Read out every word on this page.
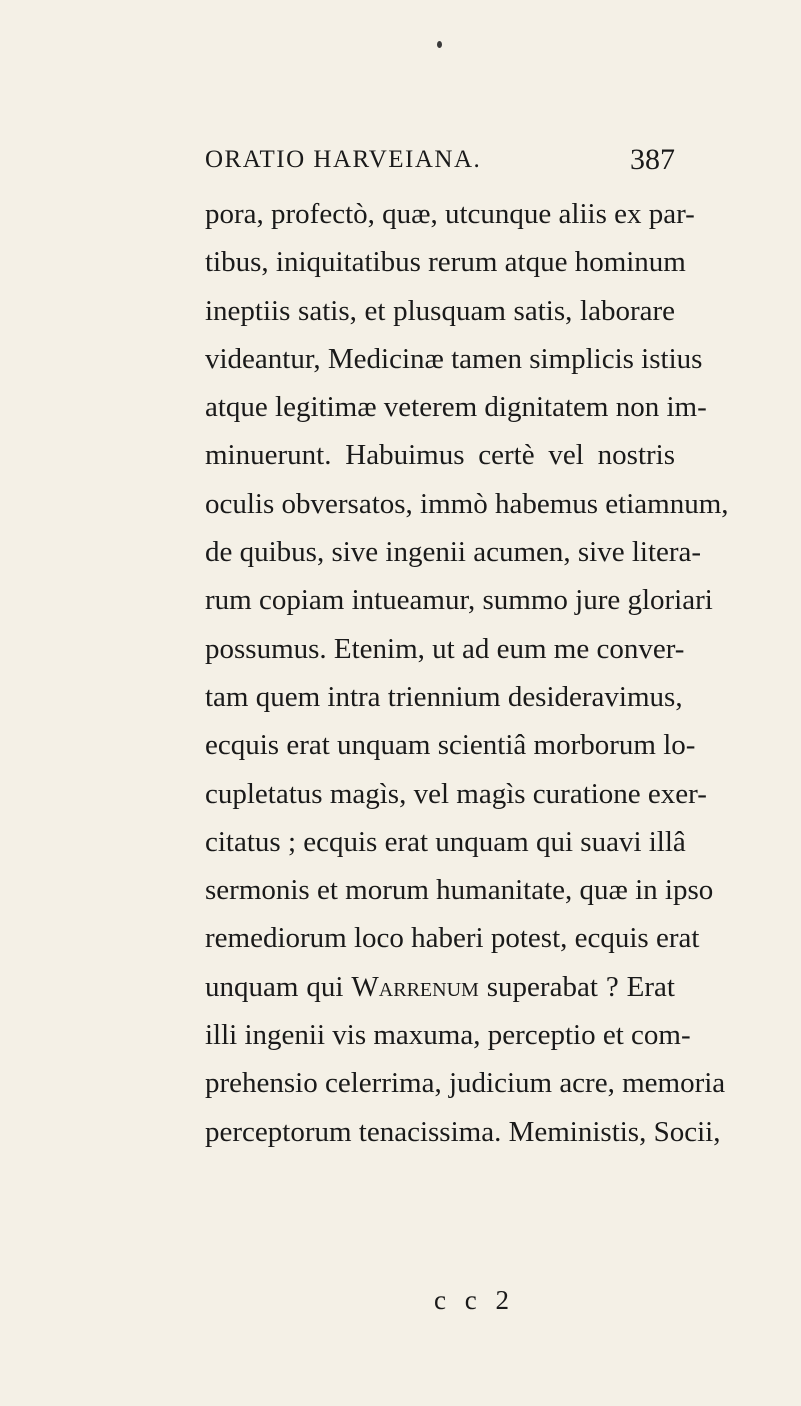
ORATIO HARVEIANA.	387
pora, profectò, quæ, utcunque aliis ex par-
tibus, iniquitatibus rerum atque hominum
ineptiis satis, et plusquam satis, laborare
videantur, Medicinæ tamen simplicis istius
atque legitimæ veterem dignitatem non im-
minuerunt. Habuimus certè vel nostris
oculis obversatos, immò habemus etiamnum,
de quibus, sive ingenii acumen, sive litera-
rum copiam intueamur, summo jure gloriari
possumus. Etenim, ut ad eum me conver-
tam quem intra triennium desideravimus,
ecquis erat unquam scientiâ morborum lo-
cupletatus magìs, vel magìs curatione exer-
citatus ; ecquis erat unquam qui suavi illâ
sermonis et morum humanitate, quæ in ipso
remediorum loco haberi potest, ecquis erat
unquam qui Warrenum superabat ? Erat
illi ingenii vis maxuma, perceptio et com-
prehensio celerrima, judicium acre, memoria
perceptorum tenacissima. Meministis, Socii,
c c 2
